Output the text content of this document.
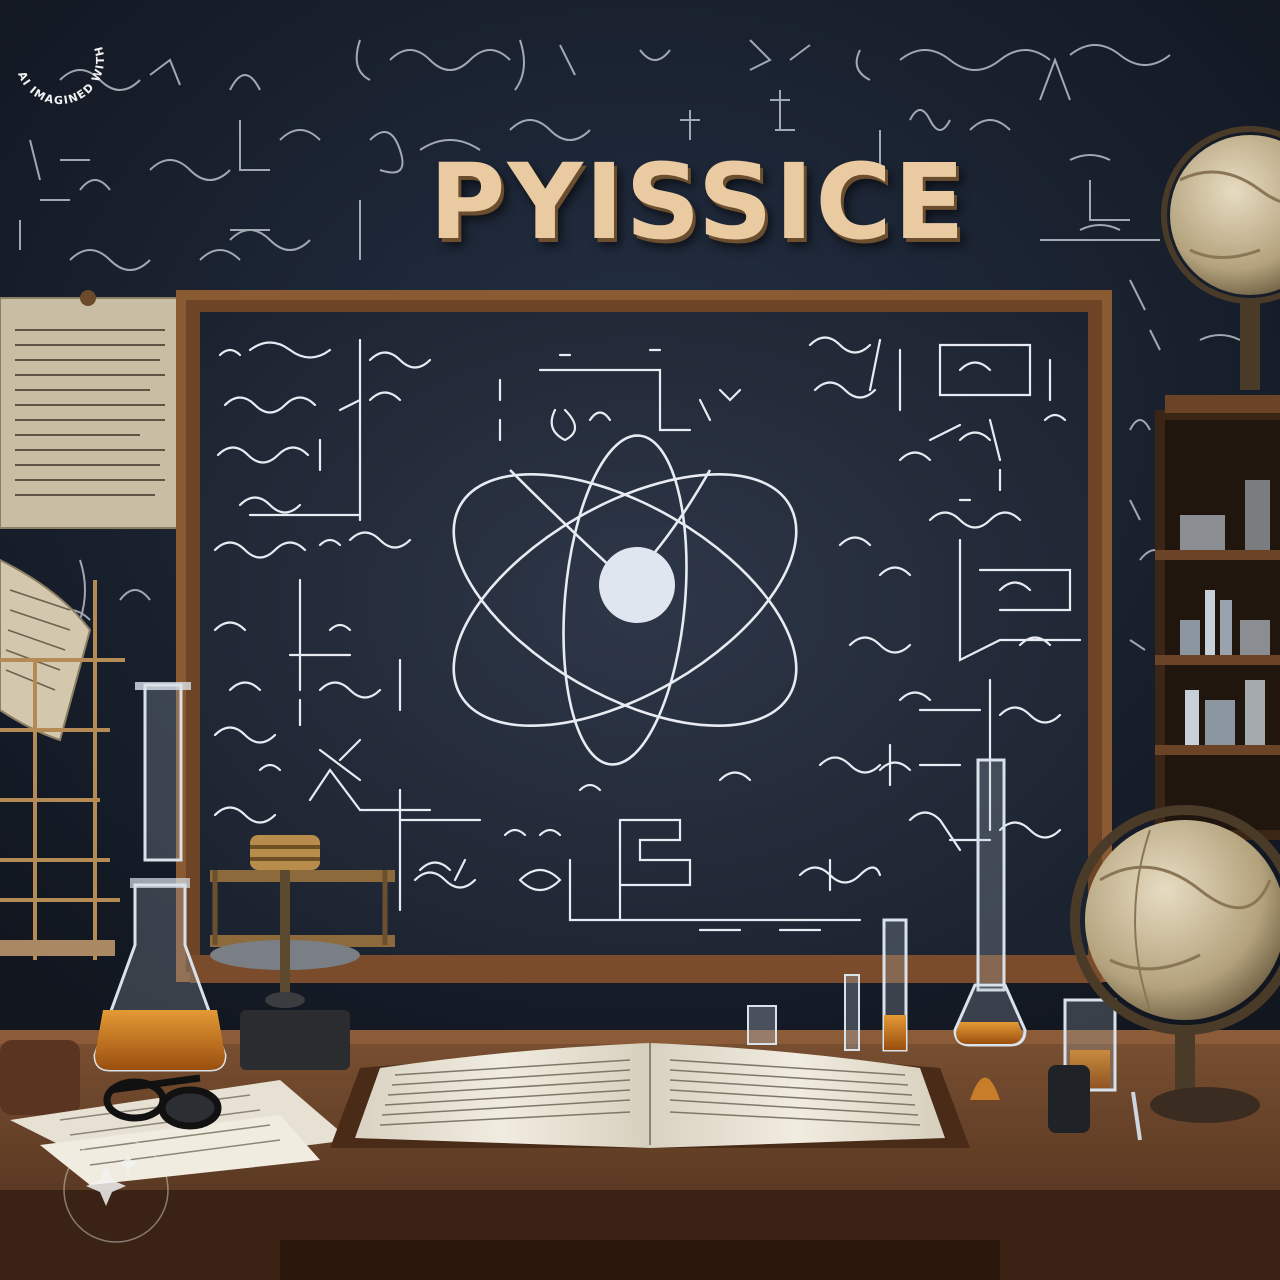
PYISSICE
AI IMAGINED WITH
